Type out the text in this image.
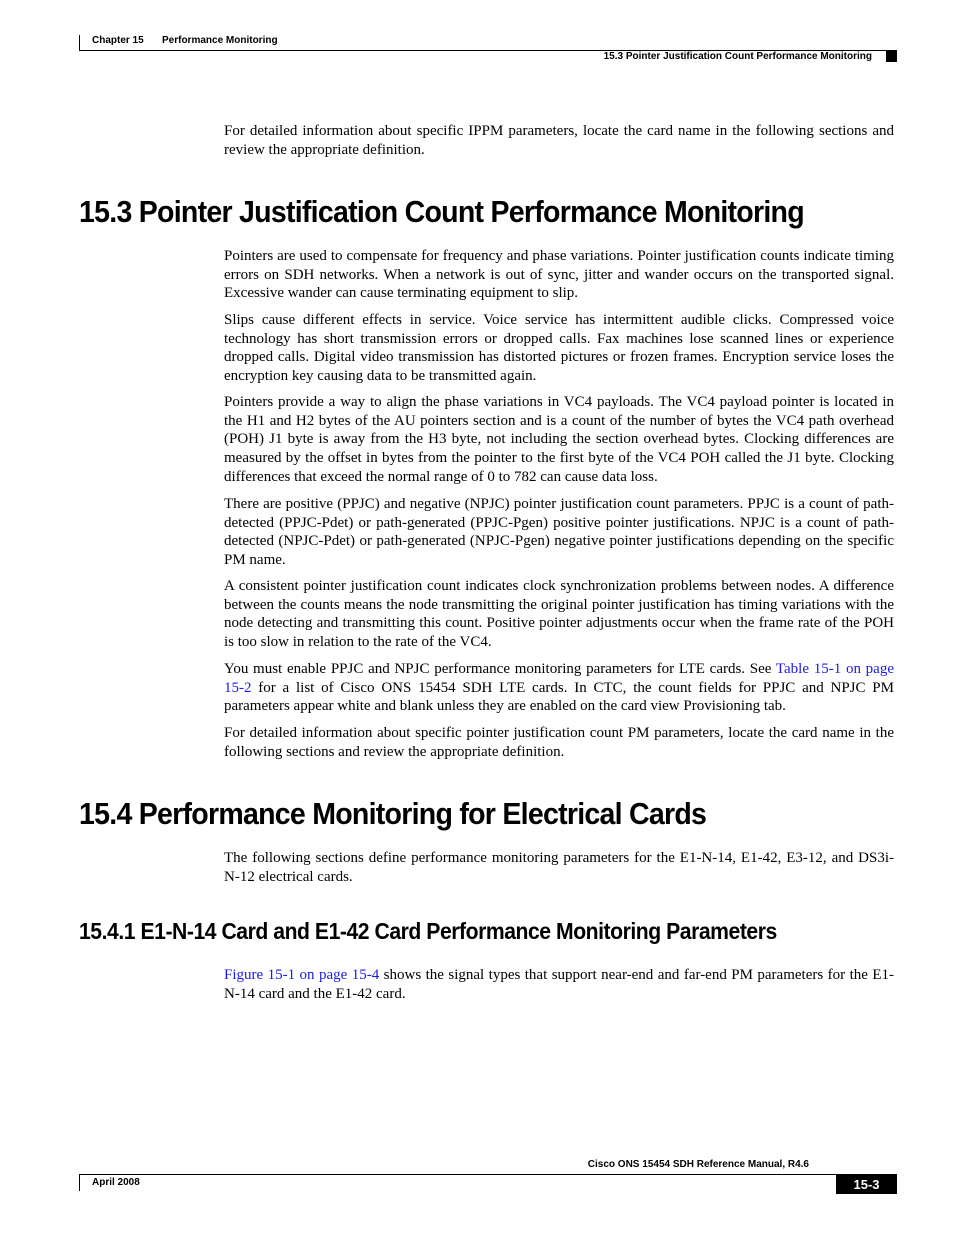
Chapter 15 Performance Monitoring
15.3 Pointer Justification Count Performance Monitoring

For detailed information about specific IPPM parameters, locate the card name in the following sections and review the appropriate definition.

15.3 Pointer Justification Count Performance Monitoring

Pointers are used to compensate for frequency and phase variations. Pointer justification counts indicate timing errors on SDH networks. When a network is out of sync, jitter and wander occurs on the transported signal. Excessive wander can cause terminating equipment to slip.

Slips cause different effects in service. Voice service has intermittent audible clicks. Compressed voice technology has short transmission errors or dropped calls. Fax machines lose scanned lines or experience dropped calls. Digital video transmission has distorted pictures or frozen frames. Encryption service loses the encryption key causing data to be transmitted again.

Pointers provide a way to align the phase variations in VC4 payloads. The VC4 payload pointer is located in the H1 and H2 bytes of the AU pointers section and is a count of the number of bytes the VC4 path overhead (POH) J1 byte is away from the H3 byte, not including the section overhead bytes. Clocking differences are measured by the offset in bytes from the pointer to the first byte of the VC4 POH called the J1 byte. Clocking differences that exceed the normal range of 0 to 782 can cause data loss.

There are positive (PPJC) and negative (NPJC) pointer justification count parameters. PPJC is a count of path-detected (PPJC-Pdet) or path-generated (PPJC-Pgen) positive pointer justifications. NPJC is a count of path-detected (NPJC-Pdet) or path-generated (NPJC-Pgen) negative pointer justifications depending on the specific PM name.

A consistent pointer justification count indicates clock synchronization problems between nodes. A difference between the counts means the node transmitting the original pointer justification has timing variations with the node detecting and transmitting this count. Positive pointer adjustments occur when the frame rate of the POH is too slow in relation to the rate of the VC4.

You must enable PPJC and NPJC performance monitoring parameters for LTE cards. See Table 15-1 on page 15-2 for a list of Cisco ONS 15454 SDH LTE cards. In CTC, the count fields for PPJC and NPJC PM parameters appear white and blank unless they are enabled on the card view Provisioning tab.

For detailed information about specific pointer justification count PM parameters, locate the card name in the following sections and review the appropriate definition.

15.4 Performance Monitoring for Electrical Cards

The following sections define performance monitoring parameters for the E1-N-14, E1-42, E3-12, and DS3i-N-12 electrical cards.

15.4.1 E1-N-14 Card and E1-42 Card Performance Monitoring Parameters

Figure 15-1 on page 15-4 shows the signal types that support near-end and far-end PM parameters for the E1-N-14 card and the E1-42 card.

Cisco ONS 15454 SDH Reference Manual, R4.6
April 2008	15-3
